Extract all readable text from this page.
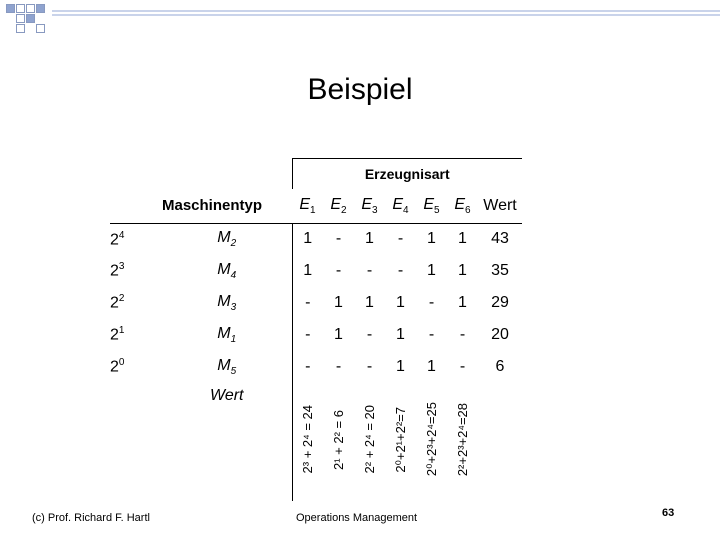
Beispiel
		Erzeugnisart						
Maschinentyp		$E_1$	$E_2$	$E_3$	$E_4$	$E_5$	$E_6$	Wert
$2^4$	$M_2$	1	-	1	-	1	1	43
$2^3$	$M_4$	1	-	-	-	1	1	35
$2^2$	$M_3$	-	1	1	1	-	1	29
$2^1$	$M_1$	-	1	-	1	-	-	20
$2^0$	$M_5$	-	-	-	1	1	-	6
	Wert	2³ + 2⁴ = 24	2¹ + 2² = 6	2² + 2⁴ = 20	2⁰+2¹+2²=7	2⁰+2³+2⁴=25	2²+2³+2⁴=28	
(c) Prof. Richard F. Hartl	Operations Management	63
